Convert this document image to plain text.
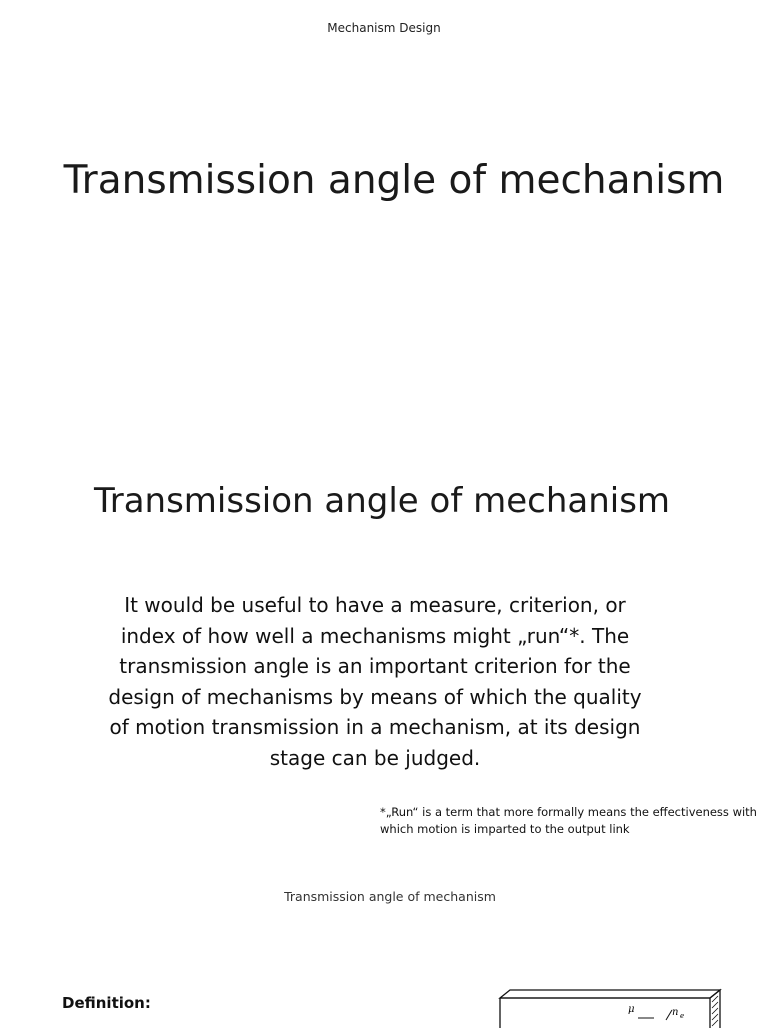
Mechanism Design
Transmission angle of mechanism
Transmission angle of mechanism

It would be useful to have a measure, criterion, or index of how well a mechanisms might „run“*. The transmission angle is an important criterion for the design of mechanisms by means of which the quality of motion transmission in a mechanism, at its design stage can be judged.

*„Run“ is a term that more formally means the effectiveness with which motion is imparted to the output link

Transmission angle of mechanism
Definition:	μ	n e
